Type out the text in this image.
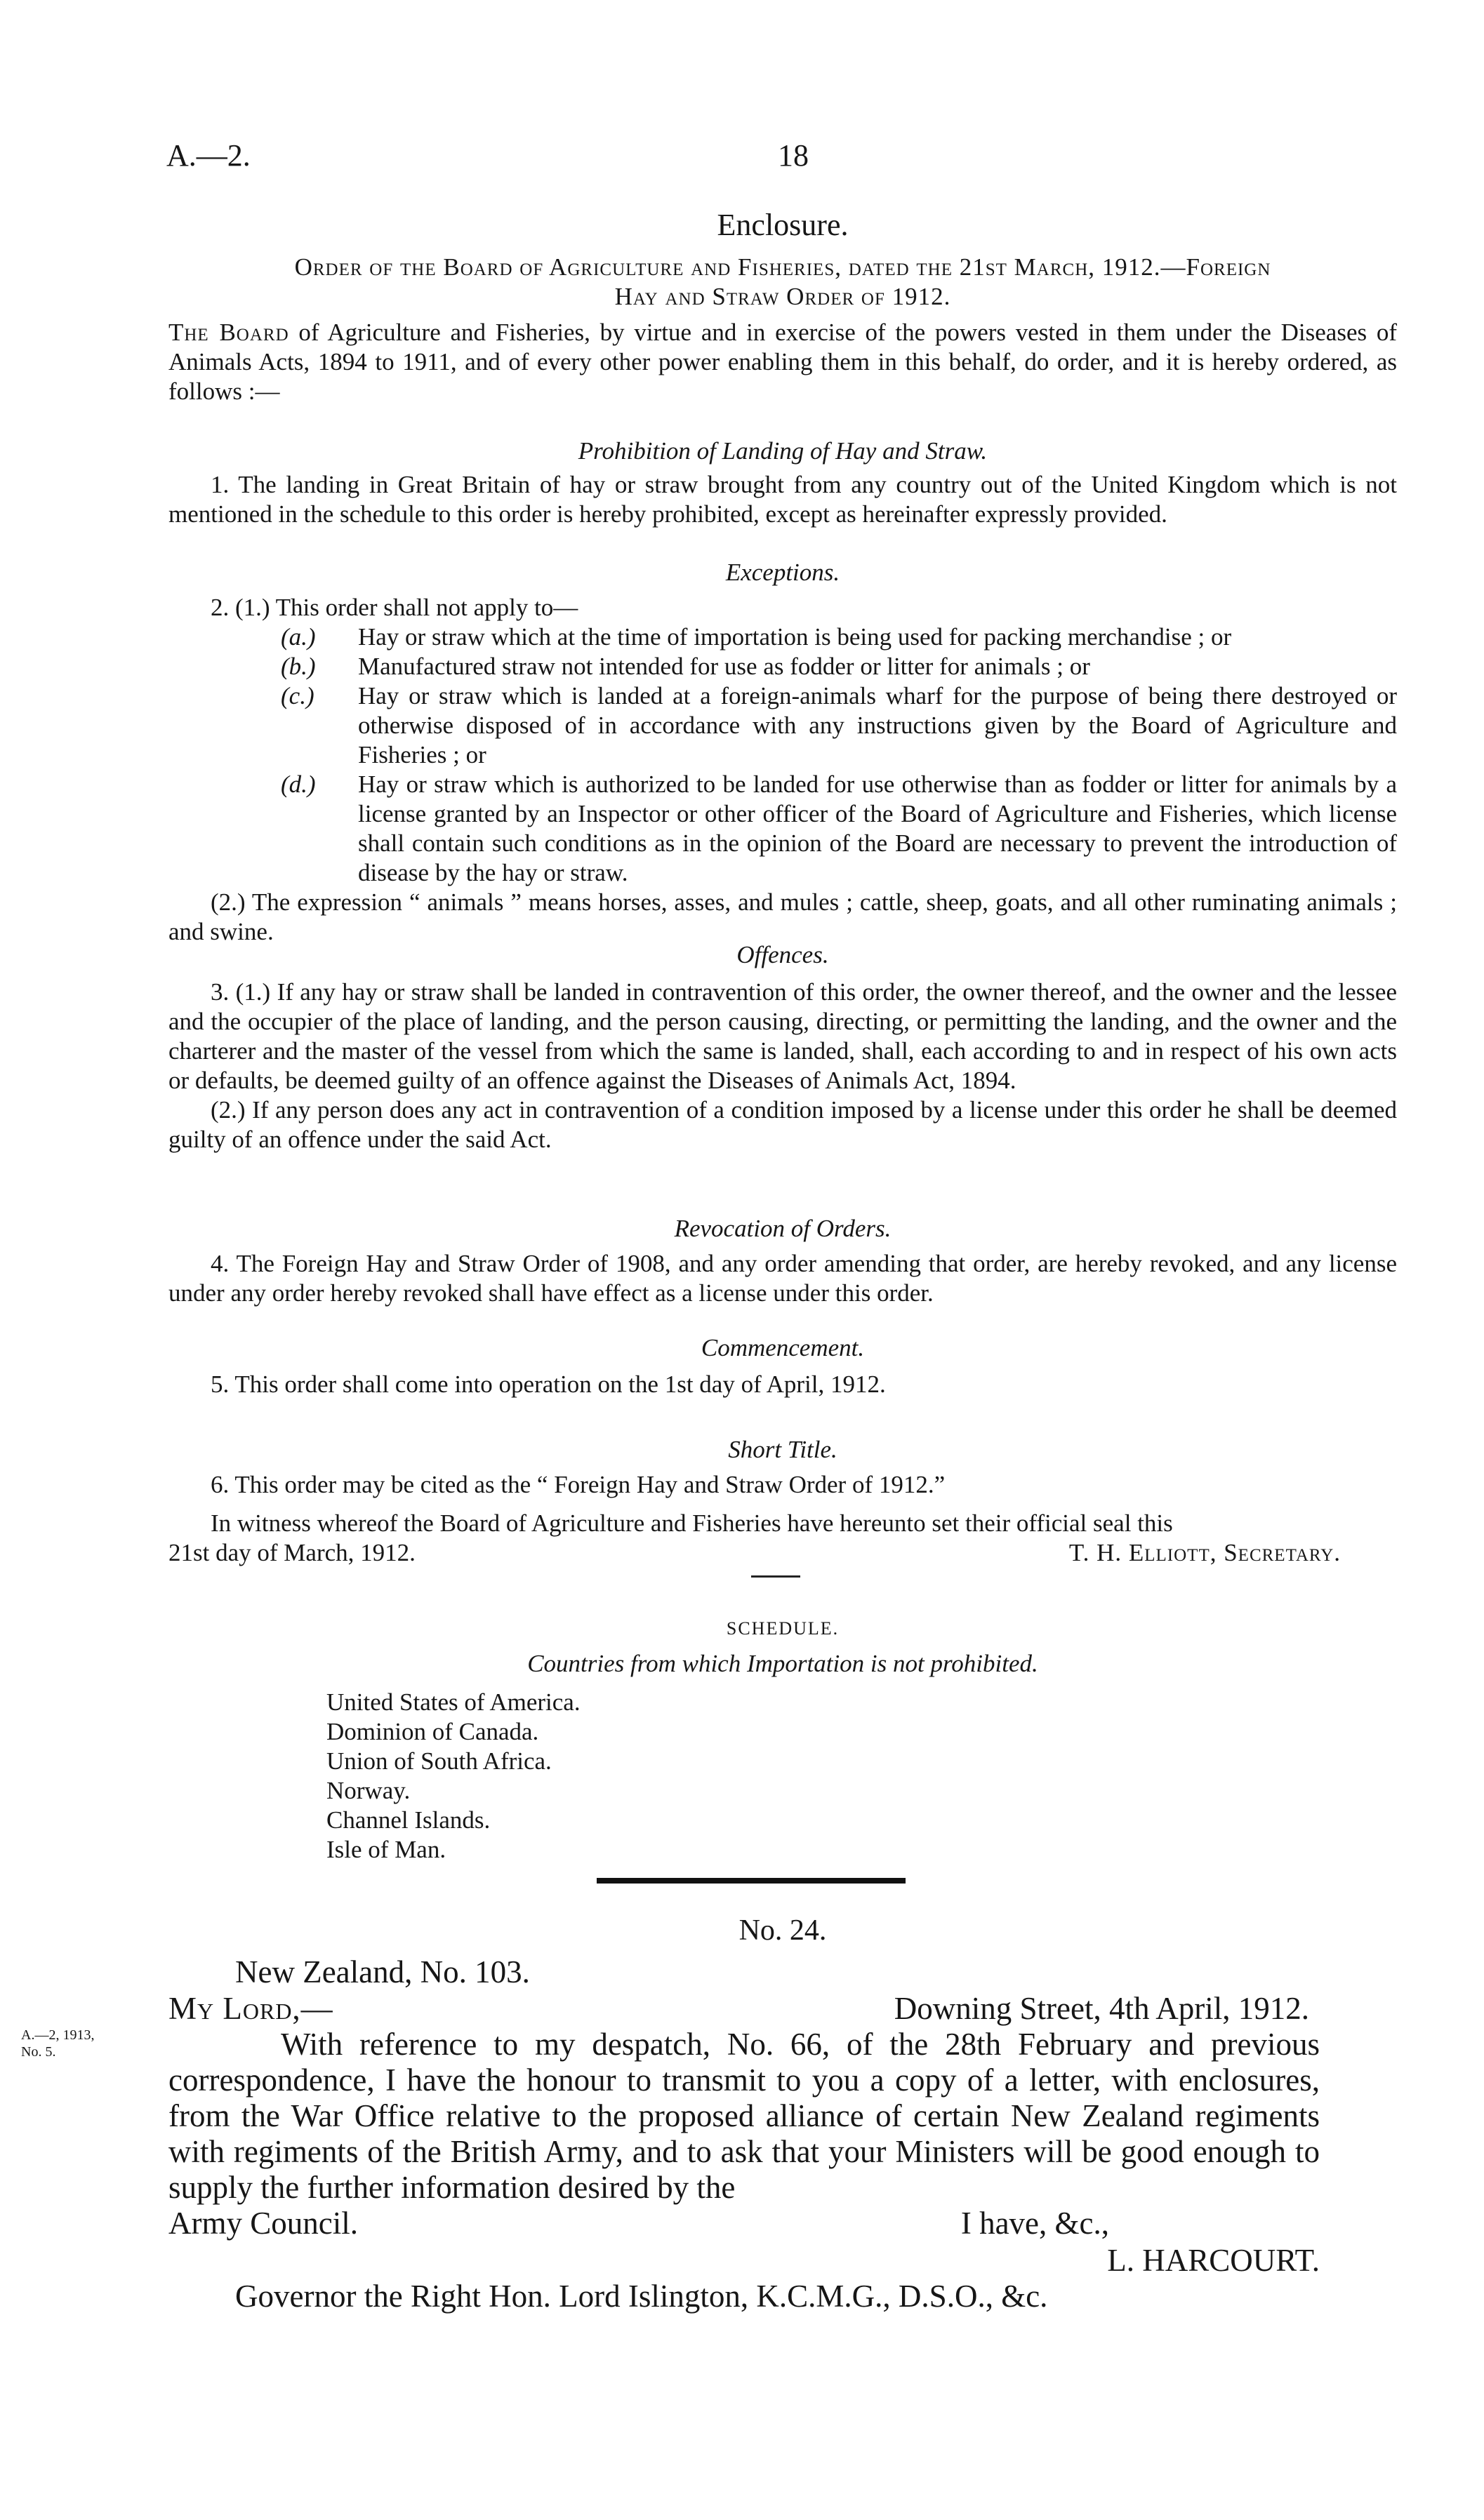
A.—2.	18
Enclosure.
Order of the Board of Agriculture and Fisheries, dated the 21st March, 1912.—Foreign
Hay and Straw Order of 1912.
The Board of Agriculture and Fisheries, by virtue and in exercise of the powers vested in them under the Diseases of Animals Acts, 1894 to 1911, and of every other power enabling them in this behalf, do order, and it is hereby ordered, as follows :—
Prohibition of Landing of Hay and Straw.
1. The landing in Great Britain of hay or straw brought from any country out of the United Kingdom which is not mentioned in the schedule to this order is hereby prohibited, except as hereinafter expressly provided.
Exceptions.

2. (1.) This order shall not apply to—

(a.) Hay or straw which at the time of importation is being used for packing merchandise ; or

(b.) Manufactured straw not intended for use as fodder or litter for animals ; or

(c.) Hay or straw which is landed at a foreign-animals wharf for the purpose of being there destroyed or otherwise disposed of in accordance with any instructions given by the Board of Agriculture and Fisheries ; or

(d.) Hay or straw which is authorized to be landed for use otherwise than as fodder or litter for animals by a license granted by an Inspector or other officer of the Board of Agriculture and Fisheries, which license shall contain such conditions as in the opinion of the Board are necessary to prevent the introduction of disease by the hay or straw.

(2.) The expression “ animals ” means horses, asses, and mules ; cattle, sheep, goats, and all other ruminating animals ; and swine.

Offences.

3. (1.) If any hay or straw shall be landed in contravention of this order, the owner thereof, and the owner and the lessee and the occupier of the place of landing, and the person causing, directing, or permitting the landing, and the owner and the charterer and the master of the vessel from which the same is landed, shall, each according to and in respect of his own acts or defaults, be deemed guilty of an offence against the Diseases of Animals Act, 1894.

(2.) If any person does any act in contravention of a condition imposed by a license under this order he shall be deemed guilty of an offence under the said Act.

Revocation of Orders.
4. The Foreign Hay and Straw Order of 1908, and any order amending that order, are hereby revoked, and any license under any order hereby revoked shall have effect as a license under this order.
Commencement.
5. This order shall come into operation on the 1st day of April, 1912.
Short Title.
6. This order may be cited as the “ Foreign Hay and Straw Order of 1912.”
In witness whereof the Board of Agriculture and Fisheries have hereunto set their official seal this
21st day of March, 1912.	T. H. Elliott, Secretary.
SCHEDULE.
Countries from which Importation is not prohibited.

United States of America.

Dominion of Canada.

Union of South Africa.

Norway.

Channel Islands.

Isle of Man.

No. 24.
New Zealand, No. 103.
My Lord,—	Downing Street, 4th April, 1912.
A.—2, 1913,
No. 5.	With reference to my despatch, No. 66, of the 28th February and previous correspondence, I have the honour to transmit to you a copy of a letter, with enclosures, from the War Office relative to the proposed alliance of certain New Zealand regiments with regiments of the British Army, and to ask that your Ministers will be good enough to supply the further information desired by the
Army Council.	I have, &c.,
L. HARCOURT.
Governor the Right Hon. Lord Islington, K.C.M.G., D.S.O., &c.
